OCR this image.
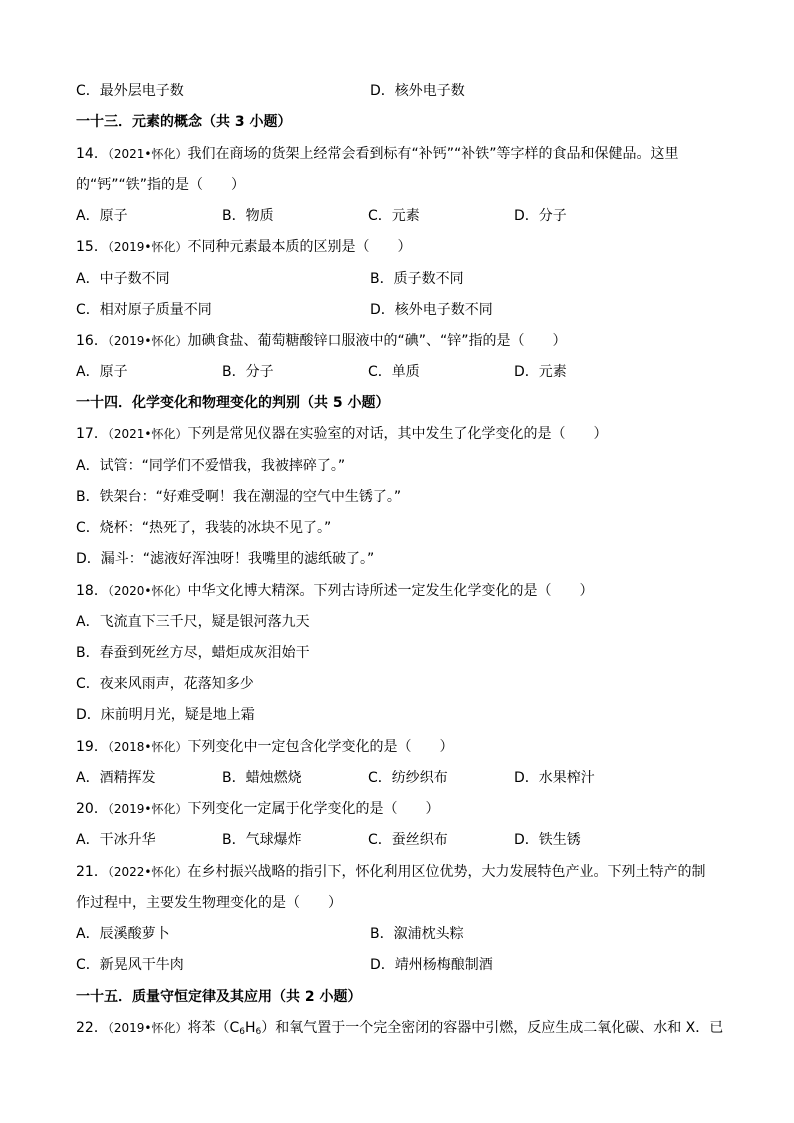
C．最外层电子数	D．核外电子数
一十三．元素的概念（共 3 小题）
14．（2021•怀化）我们在商场的货架上经常会看到标有“补钙”“补铁”等字样的食品和保健品。这里
的“钙”“铁”指的是（　　）
A．原子	B．物质	C．元素	D．分子
15．（2019•怀化）不同种元素最本质的区别是（　　）
A．中子数不同	B．质子数不同
C．相对原子质量不同	D．核外电子数不同
16．（2019•怀化）加碘食盐、葡萄糖酸锌口服液中的“碘”、“锌”指的是（　　）
A．原子	B．分子	C．单质	D．元素
一十四．化学变化和物理变化的判别（共 5 小题）
17．（2021•怀化）下列是常见仪器在实验室的对话，其中发生了化学变化的是（　　）
A．试管：“同学们不爱惜我，我被摔碎了。”
B．铁架台：“好难受啊！我在潮湿的空气中生锈了。”
C．烧杯：“热死了，我装的冰块不见了。”
D．漏斗：“滤液好浑浊呀！我嘴里的滤纸破了。”
18．（2020•怀化）中华文化博大精深。下列古诗所述一定发生化学变化的是（　　）
A．飞流直下三千尺，疑是银河落九天
B．春蚕到死丝方尽，蜡炬成灰泪始干
C．夜来风雨声，花落知多少
D．床前明月光，疑是地上霜
19．（2018•怀化）下列变化中一定包含化学变化的是（　　）
A．酒精挥发	B．蜡烛燃烧	C．纺纱织布	D．水果榨汁
20．（2019•怀化）下列变化一定属于化学变化的是（　　）
A．干冰升华	B．气球爆炸	C．蚕丝织布	D．铁生锈
21．（2022•怀化）在乡村振兴战略的指引下，怀化利用区位优势，大力发展特色产业。下列土特产的制
作过程中，主要发生物理变化的是（　　）
A．辰溪酸萝卜	B．溆浦枕头粽
C．新晃风干牛肉	D．靖州杨梅酿制酒
一十五．质量守恒定律及其应用（共 2 小题）
22．（2019•怀化）将苯$(C_6H_6)$和氧气置于一个完全密闭的容器中引燃，反应生成二氧化碳、水和 X．已
